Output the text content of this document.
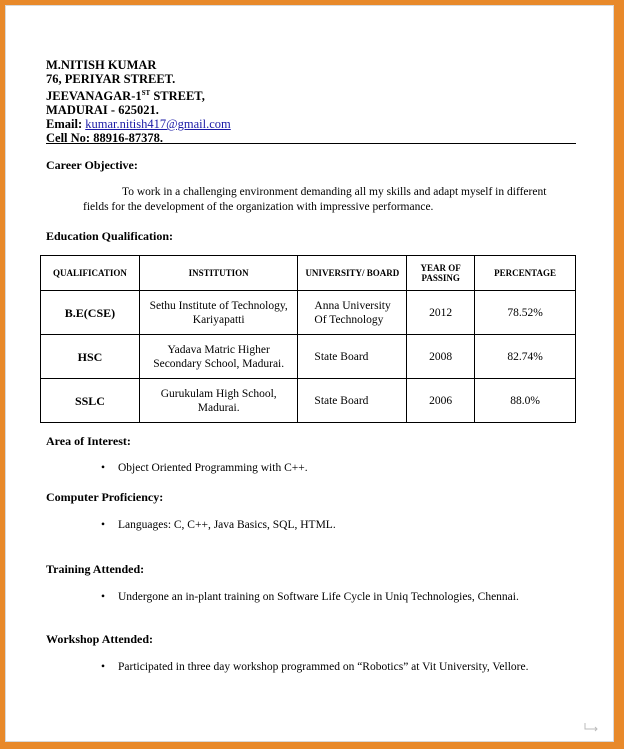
M.NITISH KUMAR
76, PERIYAR STREET.
JEEVANAGAR-1ST STREET,
MADURAI - 625021.
Email: kumar.nitish417@gmail.com
Cell No: 88916-87378.
Career Objective:
To work in a challenging environment demanding all my skills and adapt myself in different
fields for the development of the organization with impressive performance.
Education Qualification:
QUALIFICATION	INSTITUTION	UNIVERSITY/ BOARD	YEAR OF PASSING	PERCENTAGE
B.E(CSE)	Sethu Institute of Technology, Kariyapatti	Anna University Of Technology	2012	78.52%
HSC	Yadava Matric Higher Secondary School, Madurai.	State Board	2008	82.74%
SSLC	Gurukulam High School, Madurai.	State Board	2006	88.0%
Area of Interest:
• Object Oriented Programming with C++.
Computer Proficiency:
• Languages: C, C++, Java Basics, SQL, HTML.
Training Attended:
• Undergone an in-plant training on Software Life Cycle in Uniq Technologies, Chennai.
Workshop Attended:
• Participated in three day workshop programmed on “Robotics” at Vit University, Vellore.
